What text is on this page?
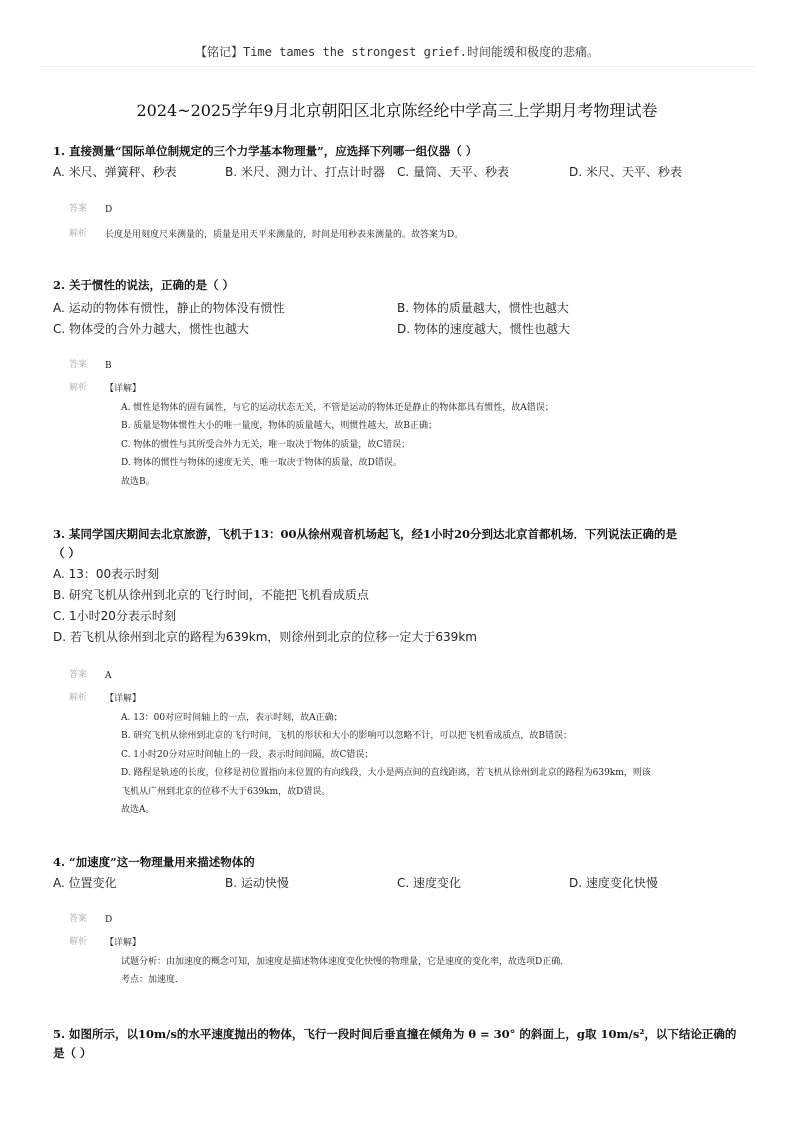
【铭记】Time tames the strongest grief.时间能缓和极度的悲痛。
2024~2025学年9月北京朝阳区北京陈经纶中学高三上学期月考物理试卷
1. 直接测量“国际单位制规定的三个力学基本物理量”，应选择下列哪一组仪器（ ）
A. 米尺、弹簧秤、秒表	B. 米尺、测力计、打点计时器 C. 量筒、天平、秒表	D. 米尺、天平、秒表
答案 D
解析 长度是用刻度尺来测量的，质量是用天平来测量的，时间是用秒表来测量的。故答案为D。
2. 关于惯性的说法，正确的是（ ）
A. 运动的物体有惯性，静止的物体没有惯性	B. 物体的质量越大，惯性也越大
C. 物体受的合外力越大，惯性也越大	D. 物体的速度越大，惯性也越大
答案 B
解析 【详解】
A. 惯性是物体的固有属性，与它的运动状态无关，不管是运动的物体还是静止的物体都具有惯性，故A错误；
B. 质量是物体惯性大小的唯一量度，物体的质量越大，则惯性越大，故B正确；
C. 物体的惯性与其所受合外力无关，唯一取决于物体的质量，故C错误；
D. 物体的惯性与物体的速度无关，唯一取决于物体的质量，故D错误。
故选B。
3. 某同学国庆期间去北京旅游，飞机于13：00从徐州观音机场起飞，经1小时20分到达北京首都机场．下列说法正确的是
（ ）
A. 13：00表示时刻
B. 研究飞机从徐州到北京的飞行时间，不能把飞机看成质点
C. 1小时20分表示时刻
D. 若飞机从徐州到北京的路程为639km，则徐州到北京的位移一定大于639km
答案 A
解析 【详解】
A. 13：00对应时间轴上的一点，表示时刻，故A正确；
B. 研究飞机从徐州到北京的飞行时间，飞机的形状和大小的影响可以忽略不计，可以把飞机看成质点，故B错误；
C. 1小时20分对应时间轴上的一段，表示时间间隔，故C错误；
D. 路程是轨迹的长度，位移是初位置指向末位置的有向线段，大小是两点间的直线距离，若飞机从徐州到北京的路程为639km，则该
飞机从广州到北京的位移不大于639km，故D错误。
故选A。
4. “加速度”这一物理量用来描述物体的
A. 位置变化	B. 运动快慢	C. 速度变化	D. 速度变化快慢
答案 D
解析 【详解】
试题分析：由加速度的概念可知，加速度是描述物体速度变化快慢的物理量，它是速度的变化率，故选项D正确．
考点：加速度．
5. 如图所示，以10m/s的水平速度抛出的物体，飞行一段时间后垂直撞在倾角为 θ = 30° 的斜面上，g取 10m/s²，以下结论正确的
是（ ）
